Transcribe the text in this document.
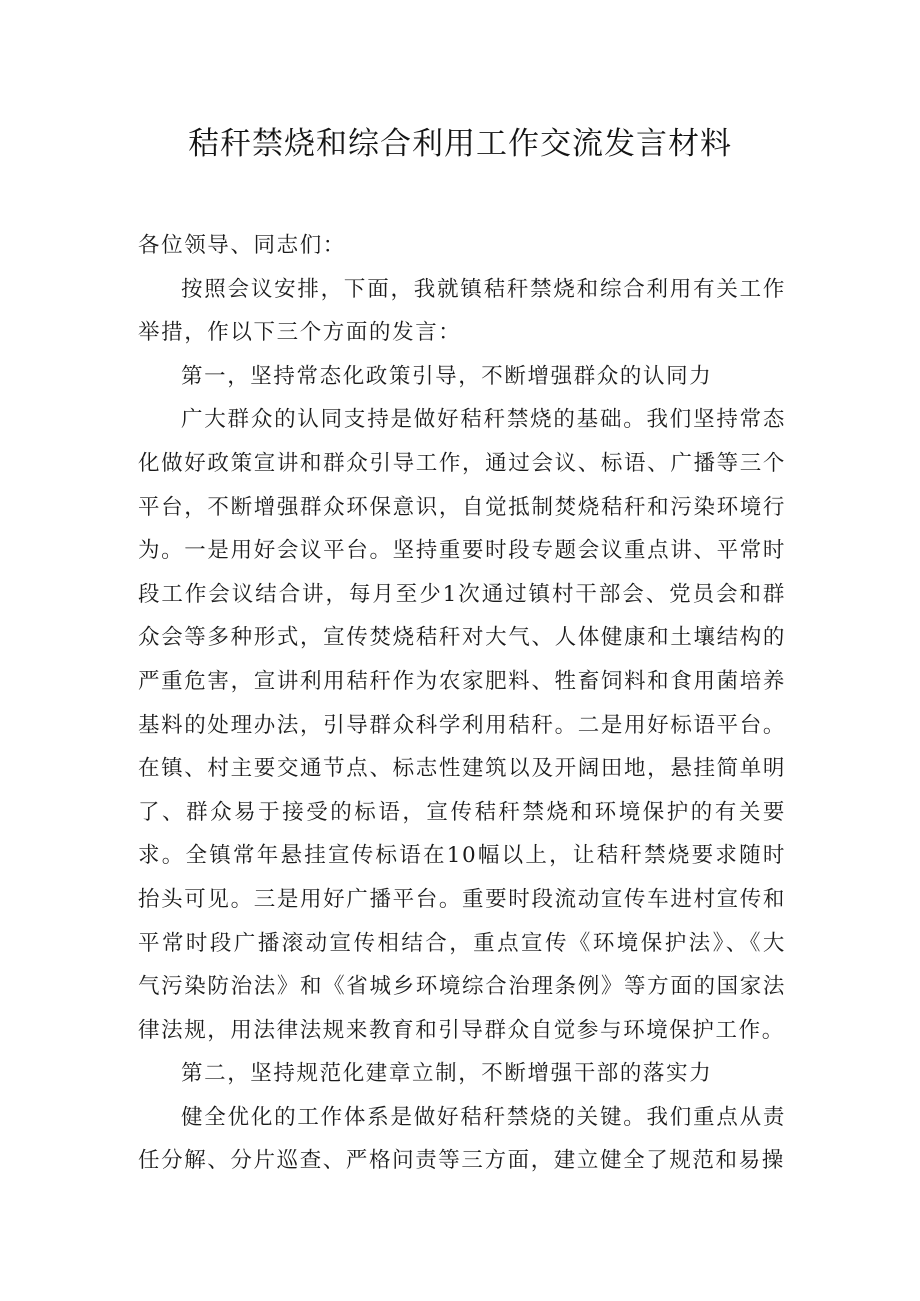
秸秆禁烧和综合利用工作交流发言材料

各位领导、同志们：

按照会议安排，下面，我就镇秸秆禁烧和综合利用有关工作举措，作以下三个方面的发言：

第一，坚持常态化政策引导，不断增强群众的认同力

广大群众的认同支持是做好秸秆禁烧的基础。我们坚持常态化做好政策宣讲和群众引导工作，通过会议、标语、广播等三个平台，不断增强群众环保意识，自觉抵制焚烧秸秆和污染环境行为。一是用好会议平台。坚持重要时段专题会议重点讲、平常时段工作会议结合讲，每月至少1次通过镇村干部会、党员会和群众会等多种形式，宣传焚烧秸秆对大气、人体健康和土壤结构的严重危害，宣讲利用秸秆作为农家肥料、牲畜饲料和食用菌培养基料的处理办法，引导群众科学利用秸秆。二是用好标语平台。在镇、村主要交通节点、标志性建筑以及开阔田地，悬挂简单明了、群众易于接受的标语，宣传秸秆禁烧和环境保护的有关要求。全镇常年悬挂宣传标语在10幅以上，让秸秆禁烧要求随时抬头可见。三是用好广播平台。重要时段流动宣传车进村宣传和平常时段广播滚动宣传相结合，重点宣传《环境保护法》、《大气污染防治法》和《省城乡环境综合治理条例》等方面的国家法律法规，用法律法规来教育和引导群众自觉参与环境保护工作。

第二，坚持规范化建章立制，不断增强干部的落实力

健全优化的工作体系是做好秸秆禁烧的关键。我们重点从责任分解、分片巡查、严格问责等三方面，建立健全了规范和易操
